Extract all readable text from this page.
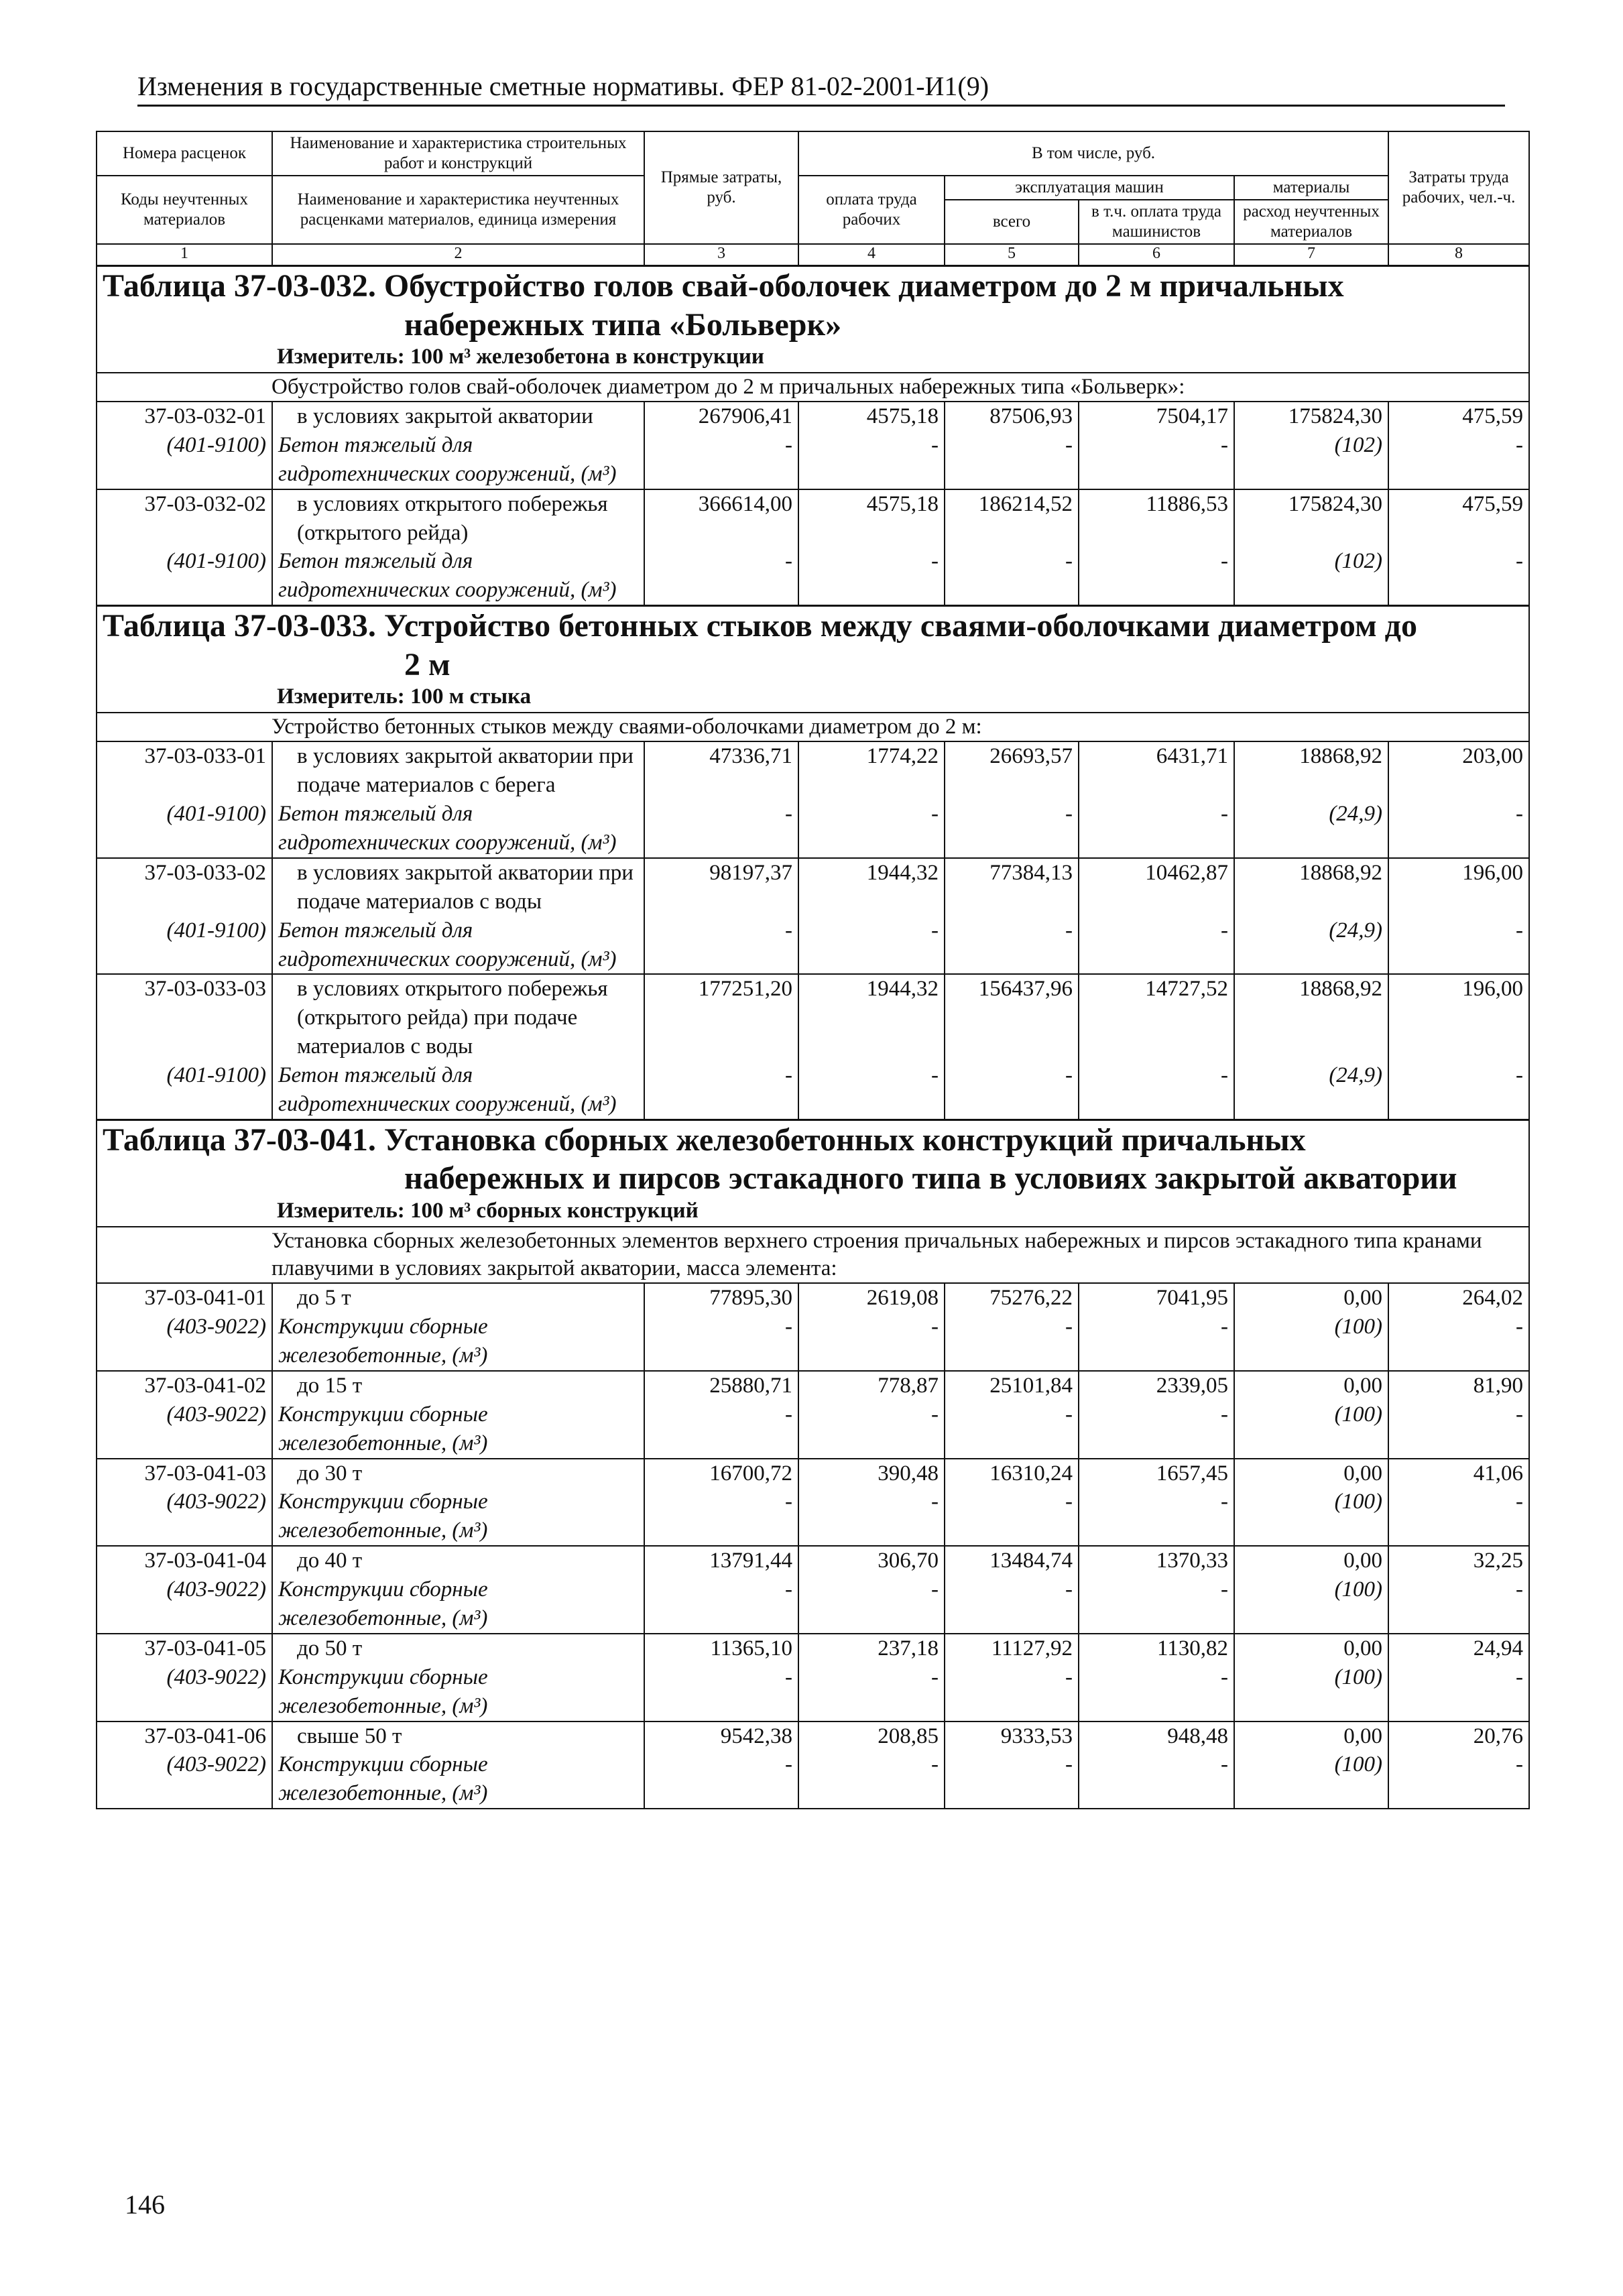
Изменения в государственные сметные нормативы. ФЕР 81-02-2001-И1(9)
Номера расценок	Наименование и характеристика строительных работ и конструкций	Прямые затраты, руб.	В том числе, руб.				Затраты труда рабочих, чел.-ч.
Коды неучтенных материалов	Наименование и характеристика неучтенных расценками материалов, единица измерения		оплата труда рабочих	эксплуатация машин		материалы	
				всего	в т.ч. оплата труда машинистов	расход неучтенных материалов	
1	2	3	4	5	6	7	8
Таблица 37-03-032. Обустройство голов свай-оболочек диаметром до 2 м причальных
набережных типа «Больверк»
Измеритель: 100 м³ железобетона в конструкции							

Обустройство голов свай-оболочек диаметром до 2 м причальных набережных типа «Больверк»:							
37-03-032-01	в условиях закрытой акватории	267906,41	4575,18	87506,93	7504,17	175824,30	475,59
(401-9100)	Бетон тяжелый для гидротехнических сооружений, (м³)	-	-	-	-	(102)	-
37-03-032-02	в условиях открытого побережья (открытого рейда)	366614,00	4575,18	186214,52	11886,53	175824,30	475,59
(401-9100)	Бетон тяжелый для гидротехнических сооружений, (м³)	-	-	-	-	(102)	-
Таблица 37-03-033. Устройство бетонных стыков между сваями-оболочками диаметром до
2 м
Измеритель: 100 м стыка							

Устройство бетонных стыков между сваями-оболочками диаметром до 2 м:							
37-03-033-01	в условиях закрытой акватории при подаче материалов с берега	47336,71	1774,22	26693,57	6431,71	18868,92	203,00
(401-9100)	Бетон тяжелый для гидротехнических сооружений, (м³)	-	-	-	-	(24,9)	-
37-03-033-02	в условиях закрытой акватории при подаче материалов с воды	98197,37	1944,32	77384,13	10462,87	18868,92	196,00
(401-9100)	Бетон тяжелый для гидротехнических сооружений, (м³)	-	-	-	-	(24,9)	-
37-03-033-03	в условиях открытого побережья (открытого рейда) при подаче материалов с воды	177251,20	1944,32	156437,96	14727,52	18868,92	196,00
(401-9100)	Бетон тяжелый для гидротехнических сооружений, (м³)	-	-	-	-	(24,9)	-
Таблица 37-03-041. Установка сборных железобетонных конструкций причальных
набережных и пирсов эстакадного типа в условиях закрытой акватории
Измеритель: 100 м³ сборных конструкций							

Установка сборных железобетонных элементов верхнего строения причальных набережных и пирсов эстакадного типа кранами плавучими в условиях закрытой акватории, масса элемента:							
37-03-041-01	до 5 т	77895,30	2619,08	75276,22	7041,95	0,00	264,02
(403-9022)	Конструкции сборные железобетонные, (м³)	-	-	-	-	(100)	-
37-03-041-02	до 15 т	25880,71	778,87	25101,84	2339,05	0,00	81,90
(403-9022)	Конструкции сборные железобетонные, (м³)	-	-	-	-	(100)	-
37-03-041-03	до 30 т	16700,72	390,48	16310,24	1657,45	0,00	41,06
(403-9022)	Конструкции сборные железобетонные, (м³)	-	-	-	-	(100)	-
37-03-041-04	до 40 т	13791,44	306,70	13484,74	1370,33	0,00	32,25
(403-9022)	Конструкции сборные железобетонные, (м³)	-	-	-	-	(100)	-
37-03-041-05	до 50 т	11365,10	237,18	11127,92	1130,82	0,00	24,94
(403-9022)	Конструкции сборные железобетонные, (м³)	-	-	-	-	(100)	-
37-03-041-06	свыше 50 т	9542,38	208,85	9333,53	948,48	0,00	20,76
(403-9022)	Конструкции сборные железобетонные, (м³)	-	-	-	-	(100)	-
146
